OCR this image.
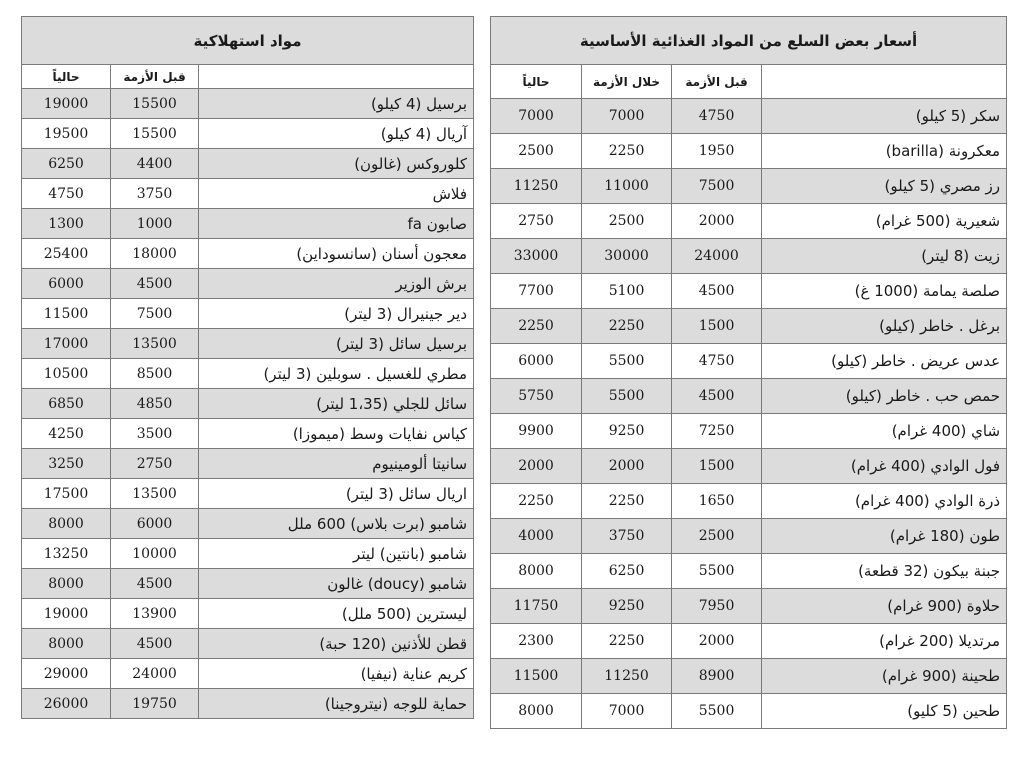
أسعار بعض السلع من المواد الغذائية الأساسية			
	قبل الأزمة	خلال الأزمة	حالياً
سكر (5 كيلو)	4750	7000	7000
معكرونة (barilla)	1950	2250	2500
رز مصري (5 كيلو)	7500	11000	11250
شعيرية (500 غرام)	2000	2500	2750
زيت (8 ليتر)	24000	30000	33000
صلصة يمامة (1000 غ)	4500	5100	7700
برغل . خاطر (كيلو)	1500	2250	2250
عدس عريض . خاطر (كيلو)	4750	5500	6000
حمص حب . خاطر (كيلو)	4500	5500	5750
شاي (400 غرام)	7250	9250	9900
فول الوادي (400 غرام)	1500	2000	2000
ذرة الوادي (400 غرام)	1650	2250	2250
طون (180 غرام)	2500	3750	4000
جبنة بيكون (32 قطعة)	5500	6250	8000
حلاوة (900 غرام)	7950	9250	11750
مرتديلا (200 غرام)	2000	2250	2300
طحينة (900 غرام)	8900	11250	11500
طحين (5 كليو)	5500	7000	8000
مواد استهلاكية		
	قبل الأزمة	حالياً
برسيل (4 كيلو)	15500	19000
آريال (4 كيلو)	15500	19500
كلوروكس (غالون)	4400	6250
فلاش	3750	4750
صابون fa	1000	1300
معجون أسنان (سانسوداين)	18000	25400
برش الوزير	4500	6000
دير جينيرال (3 ليتر)	7500	11500
برسيل سائل (3 ليتر)	13500	17000
مطري للغسيل . سوبلين (3 ليتر)	8500	10500
سائل للجلي (1،35 ليتر)	4850	6850
كياس نفايات وسط (ميموزا)	3500	4250
سانيتا ألومينيوم	2750	3250
اريال سائل (3 ليتر)	13500	17500
شامبو (برت بلاس) 600 ملل	6000	8000
شامبو (بانتين) ليتر	10000	13250
شامبو (doucy) غالون	4500	8000
ليسترين (500 ملل)	13900	19000
قطن للأذنين (120 حبة)	4500	8000
كريم عناية (نيفيا)	24000	29000
حماية للوجه (نيتروجينا)	19750	26000
